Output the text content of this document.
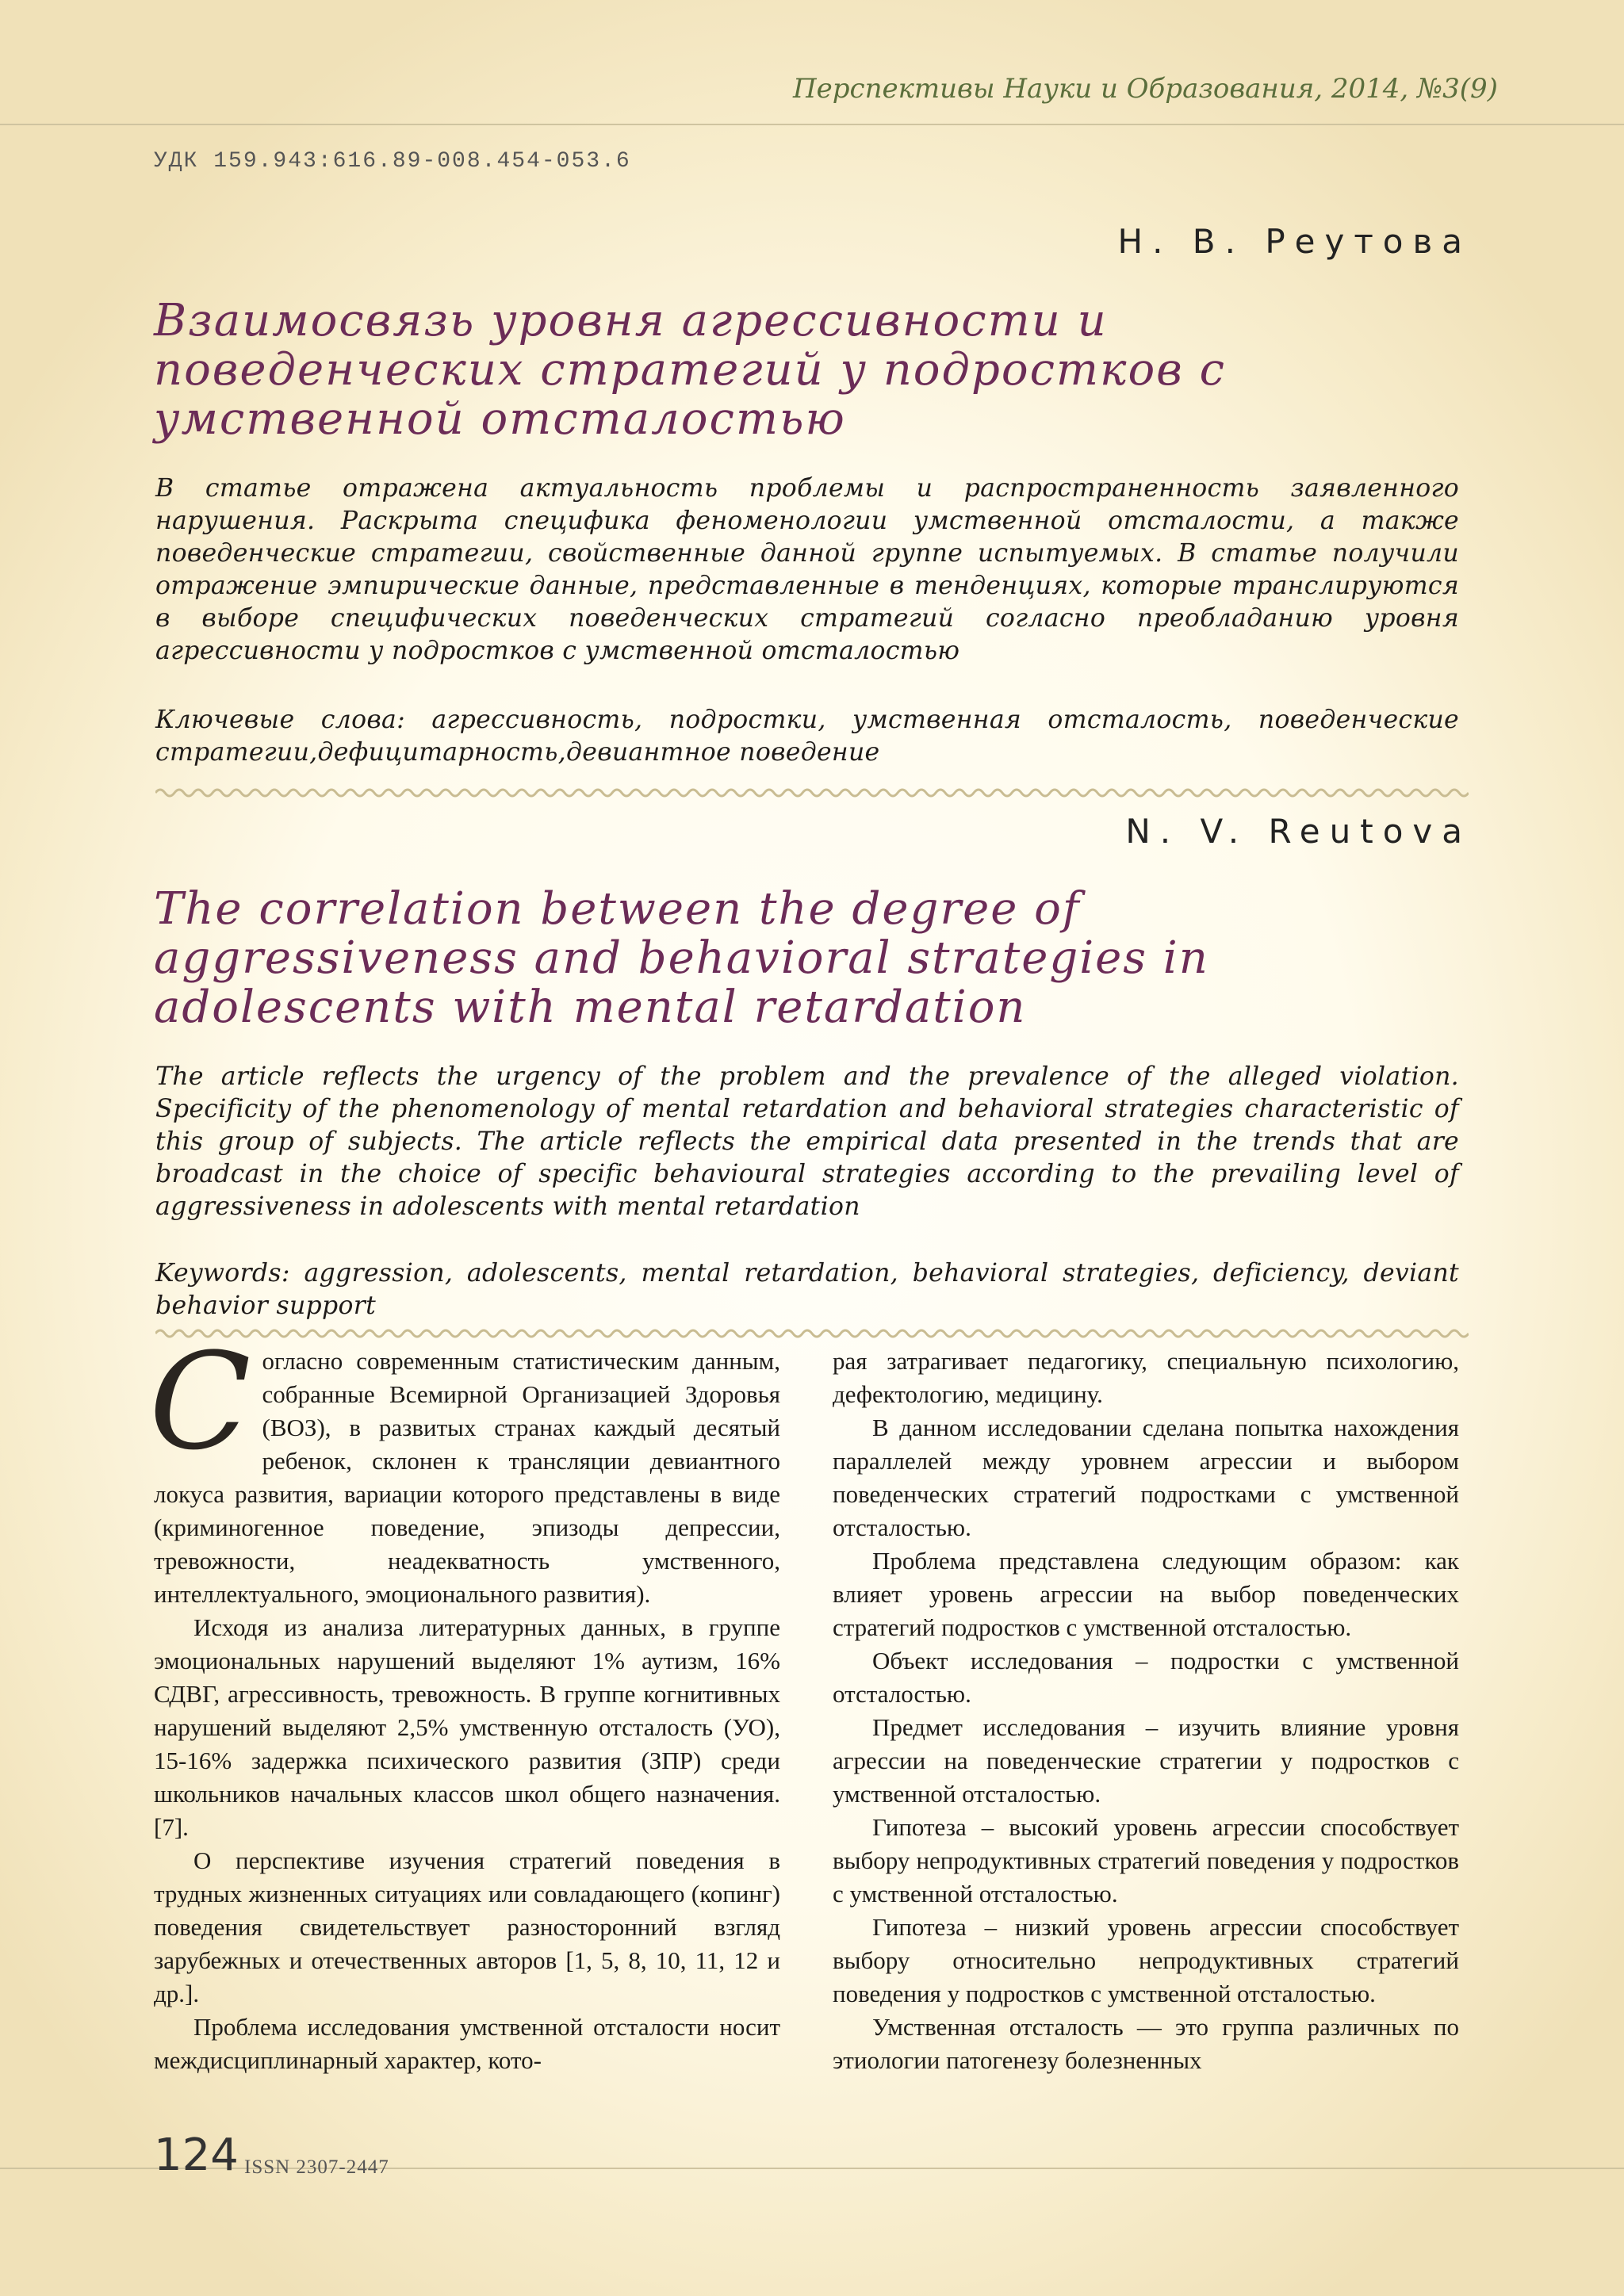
Перспективы Науки и Образования, 2014, №3(9)
УДК 159.943:616.89-008.454-053.6
Н. В. Реутова
Взаимосвязь уровня агрессивности и поведенческих стратегий у подростков с умственной отсталостью
В статье отражена актуальность проблемы и распространенность заявленного нарушения. Раскрыта специфика феноменологии умственной отсталости, а также поведенческие стратегии, свойственные данной группе испытуемых. В статье получили отражение эмпирические данные, представленные в тенденциях, которые транслируются в выборе специфических поведенческих стратегий согласно преобладанию уровня агрессивности у подростков с умственной отсталостью
Ключевые слова: агрессивность, подростки, умственная отсталость, поведенческие стратегии,дефицитарность,девиантное поведение
N. V. Reutova
The correlation between the degree of aggressiveness and behavioral strategies in adolescents with mental retardation
The article reflects the urgency of the problem and the prevalence of the alleged violation. Specificity of the phenomenology of mental retardation and behavioral strategies characteristic of this group of subjects. The article reflects the empirical data presented in the trends that are broadcast in the choice of specific behavioural strategies according to the prevailing level of aggressiveness in adolescents with mental retardation
Keywords: aggression, adolescents, mental retardation, behavioral strategies, deficiency, deviant behavior support

Согласно современным статистическим данным, собранные Всемирной Организацией Здоровья (ВОЗ), в развитых странах каждый десятый ребенок, склонен к трансляции девиантного локуса развития, вариации которого представлены в виде (криминогенное поведение, эпизоды депрессии, тревожности, неадекватность умственного, интеллектуального, эмоционального развития).

Исходя из анализа литературных данных, в группе эмоциональных нарушений выделяют 1% аутизм, 16% СДВГ, агрессивность, тревожность. В группе когнитивных нарушений выделяют 2,5% умственную отсталость (УО), 15-16% задержка психического развития (ЗПР) среди школьников начальных классов школ общего назначения. [7].

О перспективе изучения стратегий поведения в трудных жизненных ситуациях или совладающего (копинг) поведения свидетельствует разносторонний взгляд зарубежных и отечественных авторов [1, 5, 8, 10, 11, 12 и др.].

Проблема исследования умственной отсталости носит междисциплинарный характер, кото-

рая затрагивает педагогику, специальную психологию, дефектологию, медицину.

В данном исследовании сделана попытка нахождения параллелей между уровнем агрессии и выбором поведенческих стратегий подростками с умственной отсталостью.

Проблема представлена следующим образом: как влияет уровень агрессии на выбор поведенческих стратегий подростков с умственной отсталостью.

Объект исследования – подростки с умственной отсталостью.

Предмет исследования – изучить влияние уровня агрессии на поведенческие стратегии у подростков с умственной отсталостью.

Гипотеза – высокий уровень агрессии способствует выбору непродуктивных стратегий поведения у подростков с умственной отсталостью.

Гипотеза – низкий уровень агрессии способствует выбору относительно непродуктивных стратегий поведения у подростков с умственной отсталостью.

Умственная отсталость — это группа различных по этиологии патогенезу болезненных

124 ISSN 2307-2447
